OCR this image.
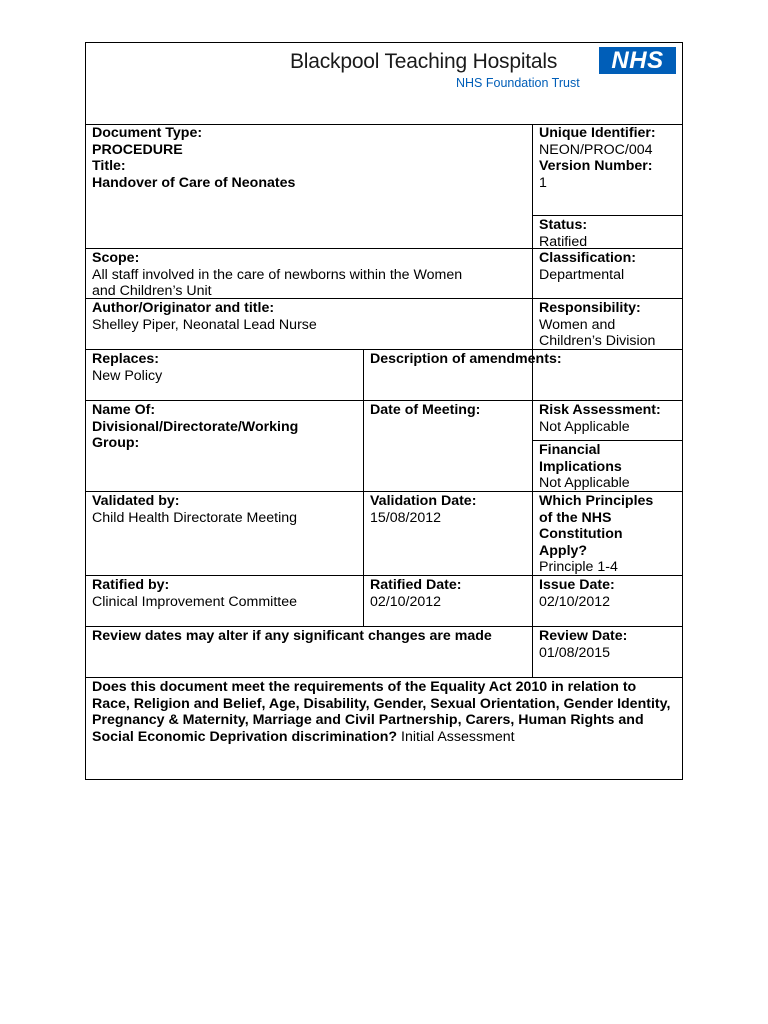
Blackpool Teaching Hospitals
NHS Foundation Trust
NHS
Document Type:
PROCEDURE
Title:
Handover of Care of Neonates
Unique Identifier:
NEON/PROC/004
Version Number:
1
Status:
Ratified
Scope:
All staff involved in the care of newborns within the Women and Children’s Unit
Classification:
Departmental
Author/Originator and title:
Shelley Piper, Neonatal Lead Nurse
Responsibility:
Women and Children’s Division
Replaces:
New Policy
Description of amendments:
Name Of: Divisional/Directorate/Working Group:
Date of Meeting:	Risk Assessment:
Not Applicable
Financial Implications
Not Applicable
Validated by:
Child Health Directorate Meeting
Validation Date:
15/08/2012
Which Principles of the NHS Constitution Apply?
Principle 1-4
Ratified by:
Clinical Improvement Committee
Ratified Date:
02/10/2012
Issue Date:
02/10/2012
Review dates may alter if any significant changes are made	Review Date:
01/08/2015
Does this document meet the requirements of the Equality Act 2010 in relation to Race, Religion and Belief, Age, Disability, Gender, Sexual Orientation, Gender Identity, Pregnancy & Maternity, Marriage and Civil Partnership, Carers, Human Rights and Social Economic Deprivation discrimination? Initial Assessment
